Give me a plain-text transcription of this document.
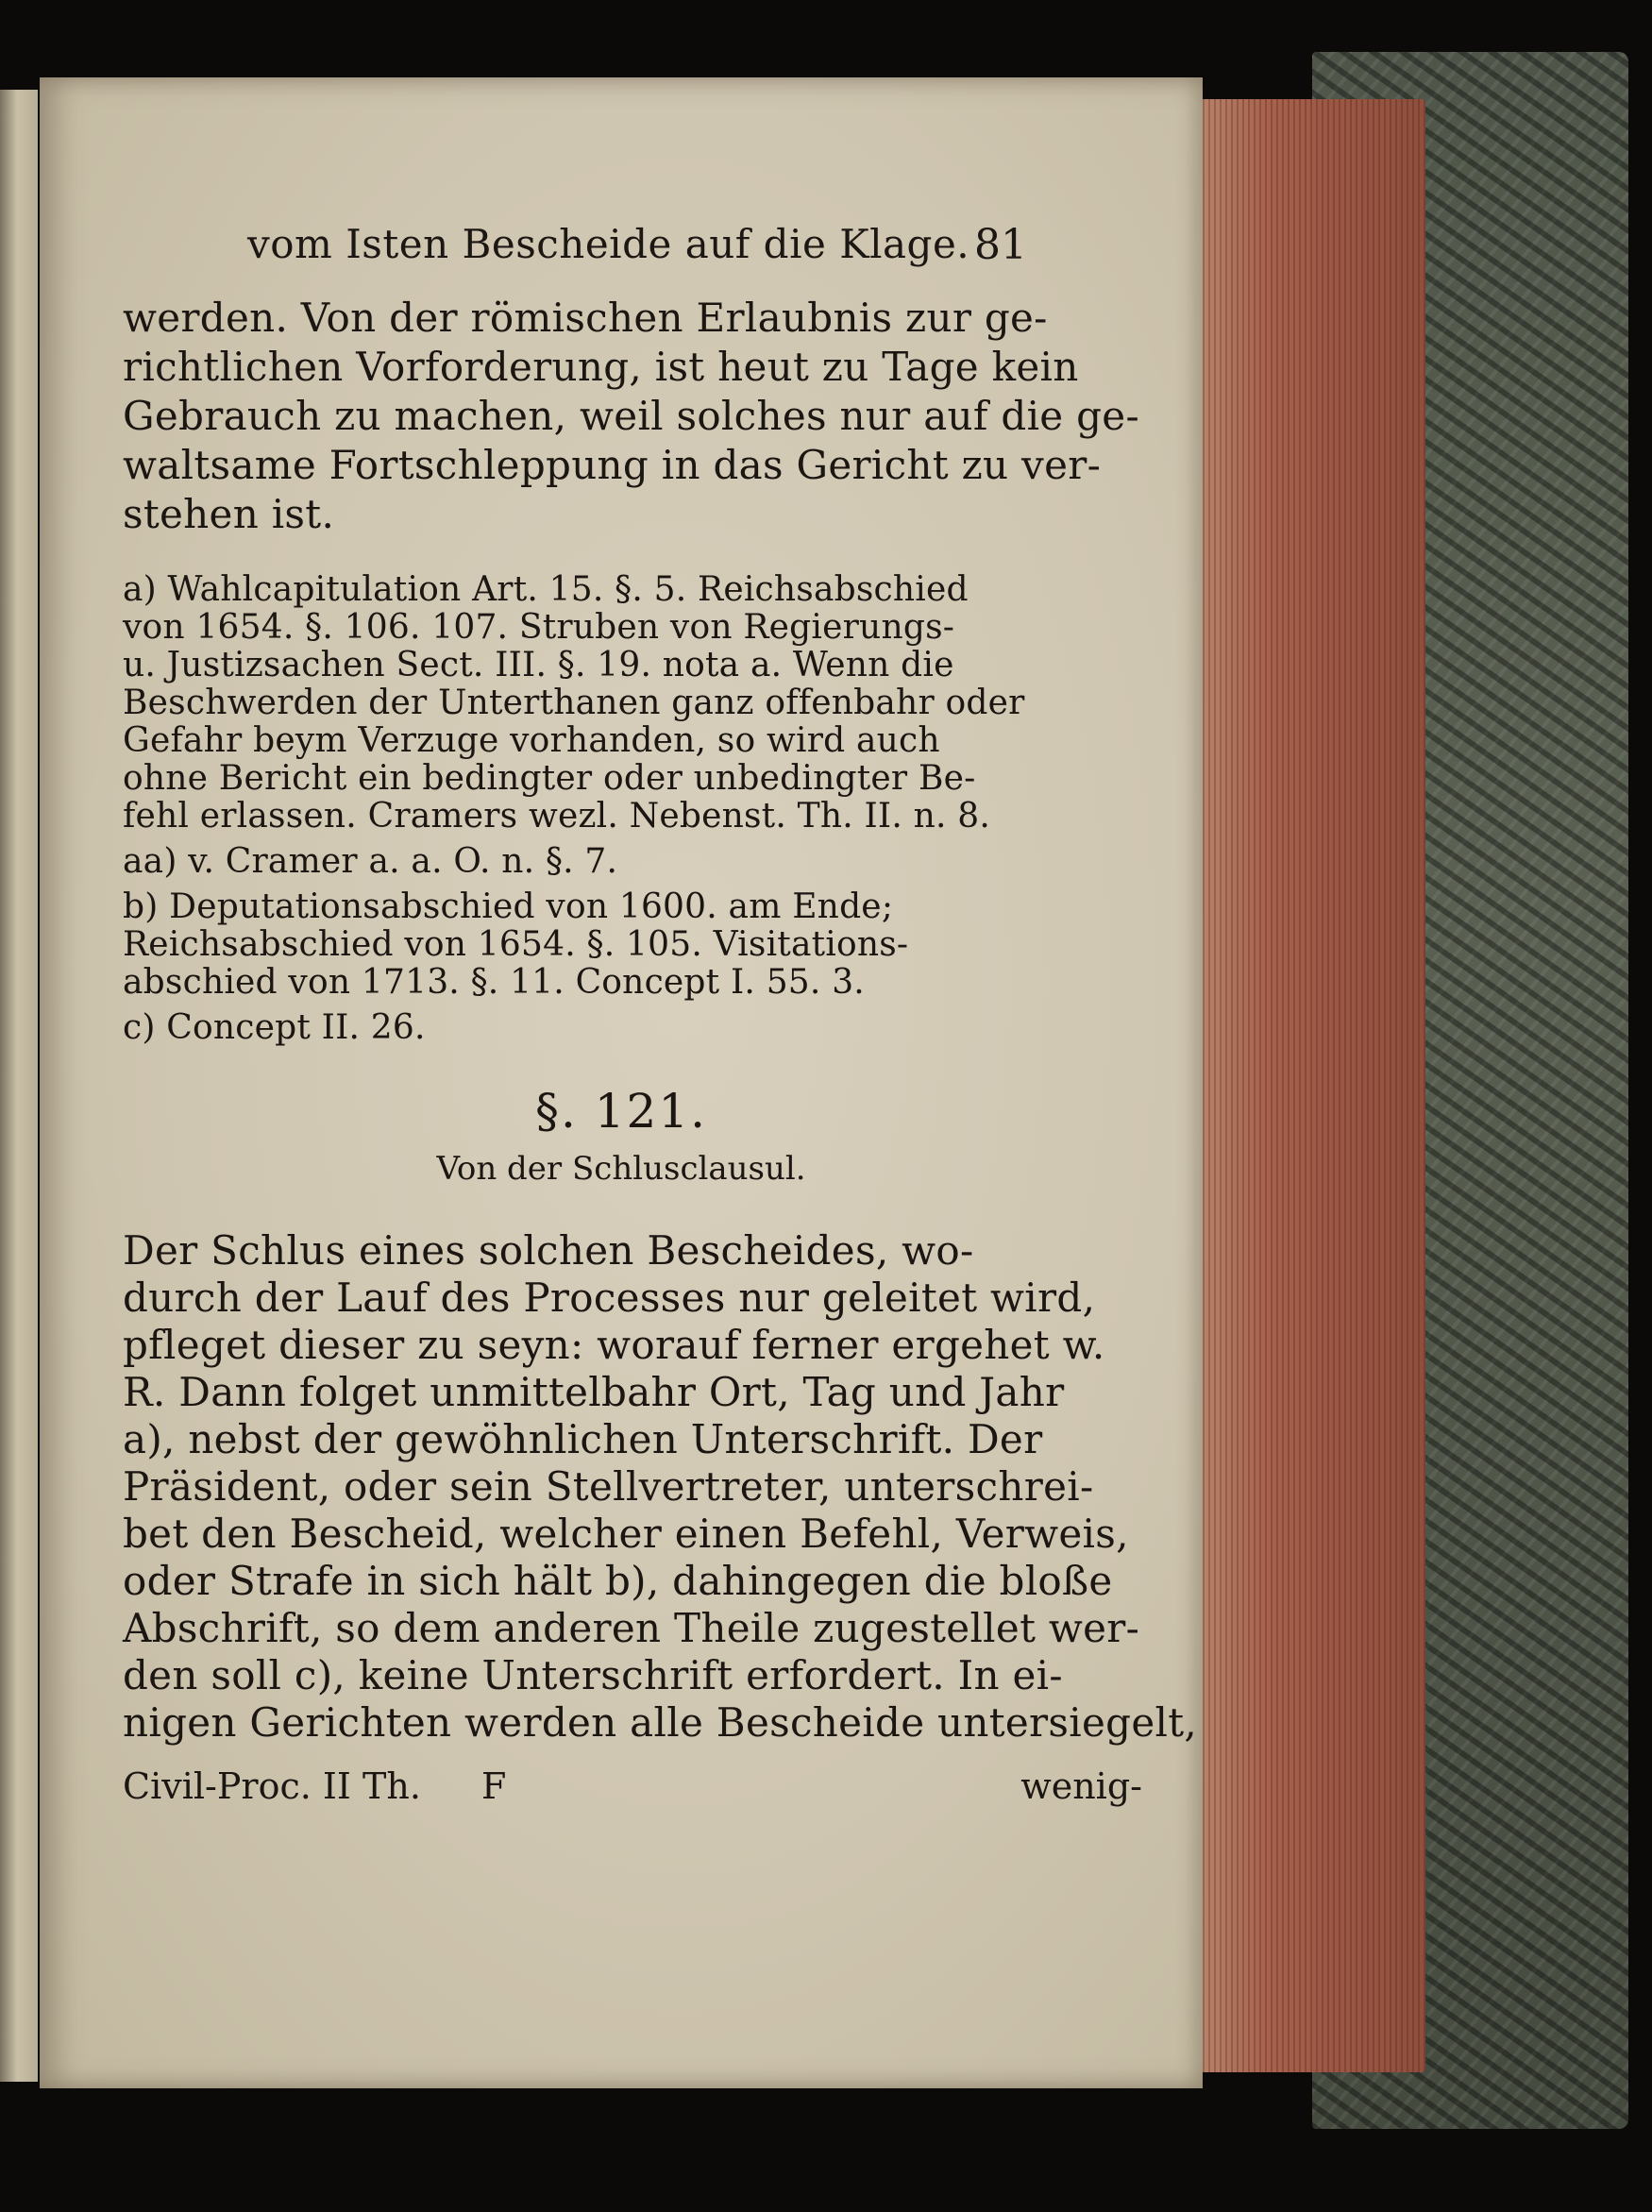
vom Isten Bescheide auf die Klage. 81
werden. Von der römischen Erlaubnis zur ge-
richtlichen Vorforderung, ist heut zu Tage kein
Gebrauch zu machen, weil solches nur auf die ge-
waltsame Fortschleppung in das Gericht zu ver-
stehen ist.
a) Wahlcapitulation Art. 15. §. 5. Reichsabschied
von 1654. §. 106. 107. Struben von Regierungs-
u. Justizsachen Sect. III. §. 19. nota a. Wenn die
Beschwerden der Unterthanen ganz offenbahr oder
Gefahr beym Verzuge vorhanden, so wird auch
ohne Bericht ein bedingter oder unbedingter Be-
fehl erlassen. Cramers wezl. Nebenst. Th. II. n. 8.
aa) v. Cramer a. a. O. n. §. 7.
b) Deputationsabschied von 1600. am Ende;
Reichsabschied von 1654. §. 105. Visitations-
abschied von 1713. §. 11. Concept I. 55. 3.
c) Concept II. 26.
§. 121.
Von der Schlusclausul.
Der Schlus eines solchen Bescheides, wo-
durch der Lauf des Processes nur geleitet wird,
pfleget dieser zu seyn: worauf ferner ergehet w.
R. Dann folget unmittelbahr Ort, Tag und Jahr
a), nebst der gewöhnlichen Unterschrift. Der
Präsident, oder sein Stellvertreter, unterschrei-
bet den Bescheid, welcher einen Befehl, Verweis,
oder Strafe in sich hält b), dahingegen die bloße
Abschrift, so dem anderen Theile zugestellet wer-
den soll c), keine Unterschrift erfordert. In ei-
nigen Gerichten werden alle Bescheide untersiegelt,
Civil-Proc. II Th. F	wenig-
